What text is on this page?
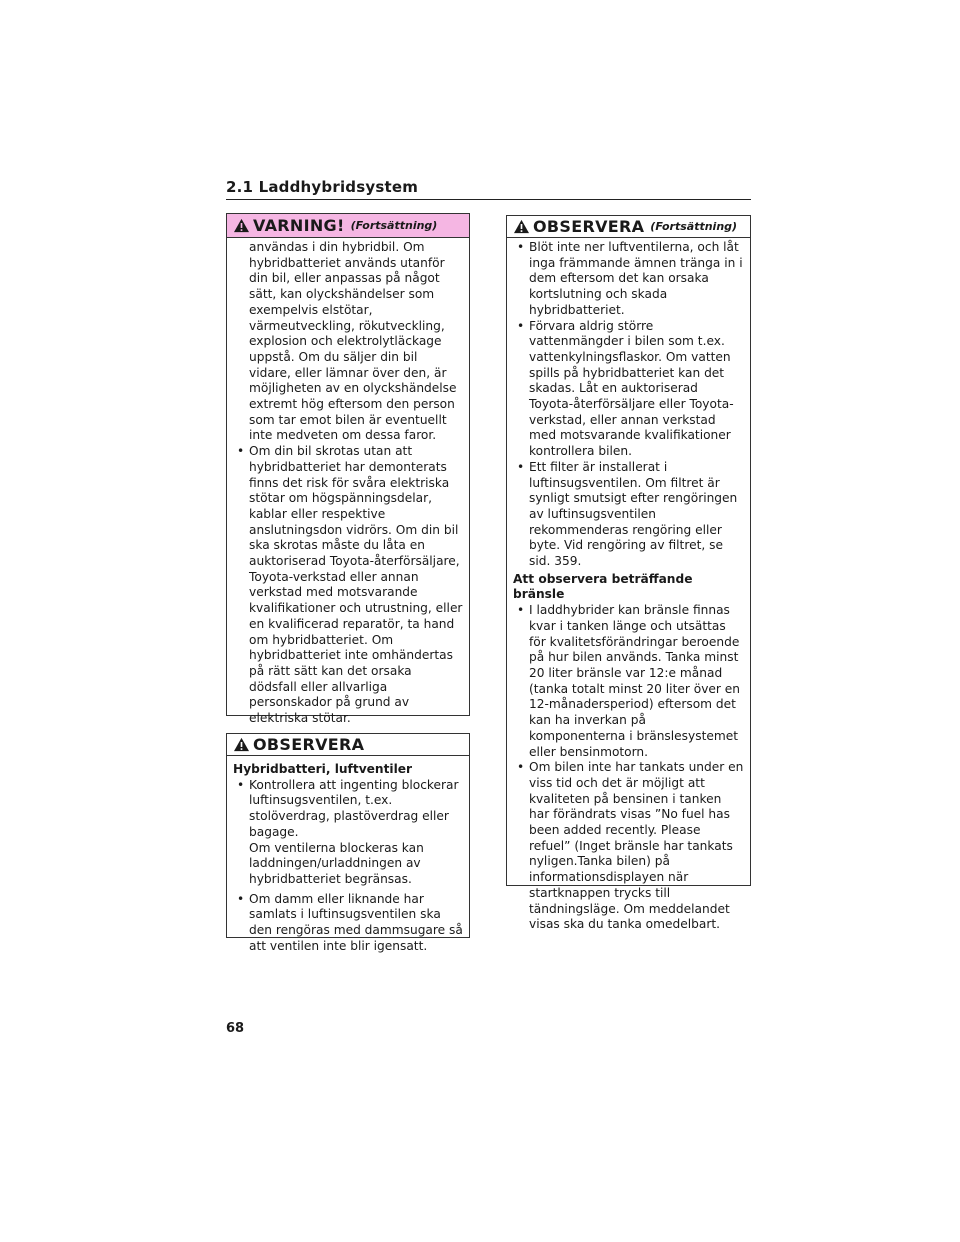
2.1 Laddhybridsystem
VARNING! (Fortsättning)

användas i din hybridbil. Om hybridbatteriet används utanför din bil, eller anpassas på något sätt, kan olyckshändelser som exempelvis elstötar, värmeutveckling, rökutveckling, explosion och elektrolytläckage uppstå. Om du säljer din bil vidare, eller lämnar över den, är möjligheten av en olyckshändelse extremt hög eftersom den person som tar emot bilen är eventuellt inte medveten om dessa faror.

• Om din bil skrotas utan att hybridbatteriet har demonterats finns det risk för svåra elektriska stötar om högspänningsdelar, kablar eller respektive anslutningsdon vidrörs. Om din bil ska skrotas måste du låta en auktoriserad Toyota-återförsäljare, Toyota-verkstad eller annan verkstad med motsvarande kvalifikationer och utrustning, eller en kvalificerad reparatör, ta hand om hybridbatteriet. Om hybridbatteriet inte omhändertas på rätt sätt kan det orsaka dödsfall eller allvarliga personskador på grund av elektriska stötar.

OBSERVERA

Hybridbatteri, luftventiler

• Kontrollera att ingenting blockerar luftinsugsventilen, t.ex. stolöverdrag, plastöverdrag eller bagage.

Om ventilerna blockeras kan laddningen/urladdningen av hybridbatteriet begränsas.

• Om damm eller liknande har samlats i luftinsugsventilen ska den rengöras med dammsugare så att ventilen inte blir igensatt.

OBSERVERA (Fortsättning)

• Blöt inte ner luftventilerna, och låt inga främmande ämnen tränga in i dem eftersom det kan orsaka kortslutning och skada hybridbatteriet.

• Förvara aldrig större vattenmängder i bilen som t.ex. vattenkylningsflaskor. Om vatten spills på hybridbatteriet kan det skadas. Låt en auktoriserad Toyota-återförsäljare eller Toyota-verkstad, eller annan verkstad med motsvarande kvalifikationer kontrollera bilen.

• Ett filter är installerat i luftinsugsventilen. Om filtret är synligt smutsigt efter rengöringen av luftinsugsventilen rekommenderas rengöring eller byte. Vid rengöring av filtret, se sid. 359.

Att observera beträffande bränsle

• I laddhybrider kan bränsle finnas kvar i tanken länge och utsättas för kvalitetsförändringar beroende på hur bilen används. Tanka minst 20 liter bränsle var 12:e månad (tanka totalt minst 20 liter över en 12-månadersperiod) eftersom det kan ha inverkan på komponenterna i bränslesystemet eller bensinmotorn.

• Om bilen inte har tankats under en viss tid och det är möjligt att kvaliteten på bensinen i tanken har förändrats visas ”No fuel has been added recently. Please refuel” (Inget bränsle har tankats nyligen.Tanka bilen) på informationsdisplayen när startknappen trycks till tändningsläge. Om meddelandet visas ska du tanka omedelbart.

68
